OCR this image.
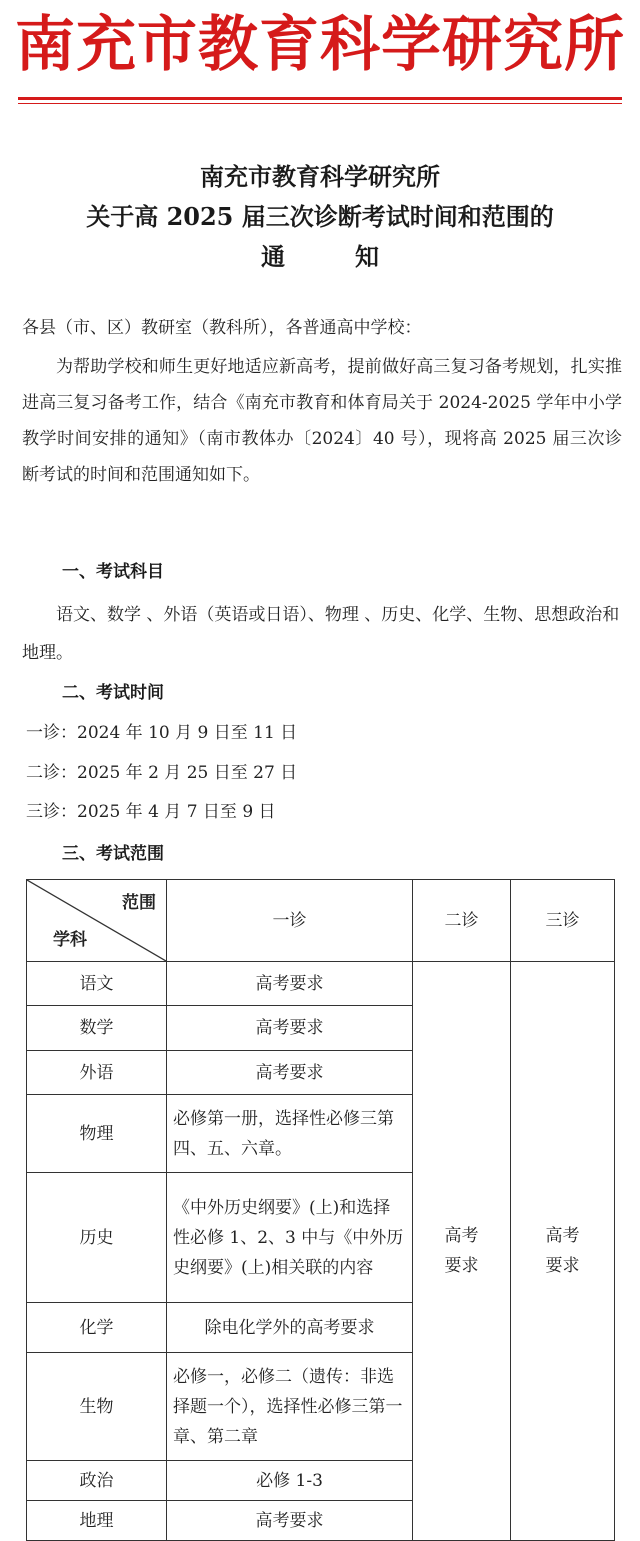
南充市教育科学研究所
南充市教育科学研究所
关于高 2025 届三次诊断考试时间和范围的
通知
各县（市、区）教研室（教科所），各普通高中学校：
为帮助学校和师生更好地适应新高考，提前做好高三复习备考规划，扎实推进高三复习备考工作，结合《南充市教育和体育局关于 2024-2025 学年中小学教学时间安排的通知》（南市教体办〔2024〕40 号），现将高 2025 届三次诊断考试的时间和范围通知如下。
一、考试科目
语文、数学 、外语（英语或日语）、物理 、历史、化学、生物、思想政治和地理。
二、考试时间
一诊：2024 年 10 月 9 日至 11 日
二诊：2025 年 2 月 25 日至 27 日
三诊：2025 年 4 月 7 日至 9 日
三、考试范围
范围
学科	一诊	二诊	三诊
语文	高考要求	高考要求	高考要求

数学	高考要求		
外语	高考要求		
物理	必修第一册，选择性必修三第四、五、六章。		
历史	《中外历史纲要》(上)和选择性必修 1、2、3 中与《中外历史纲要》(上)相关联的内容		
化学	除电化学外的高考要求		
生物	必修一，必修二（遗传：非选择题一个），选择性必修三第一章、第二章		
政治	必修 1-3		
地理	高考要求		
